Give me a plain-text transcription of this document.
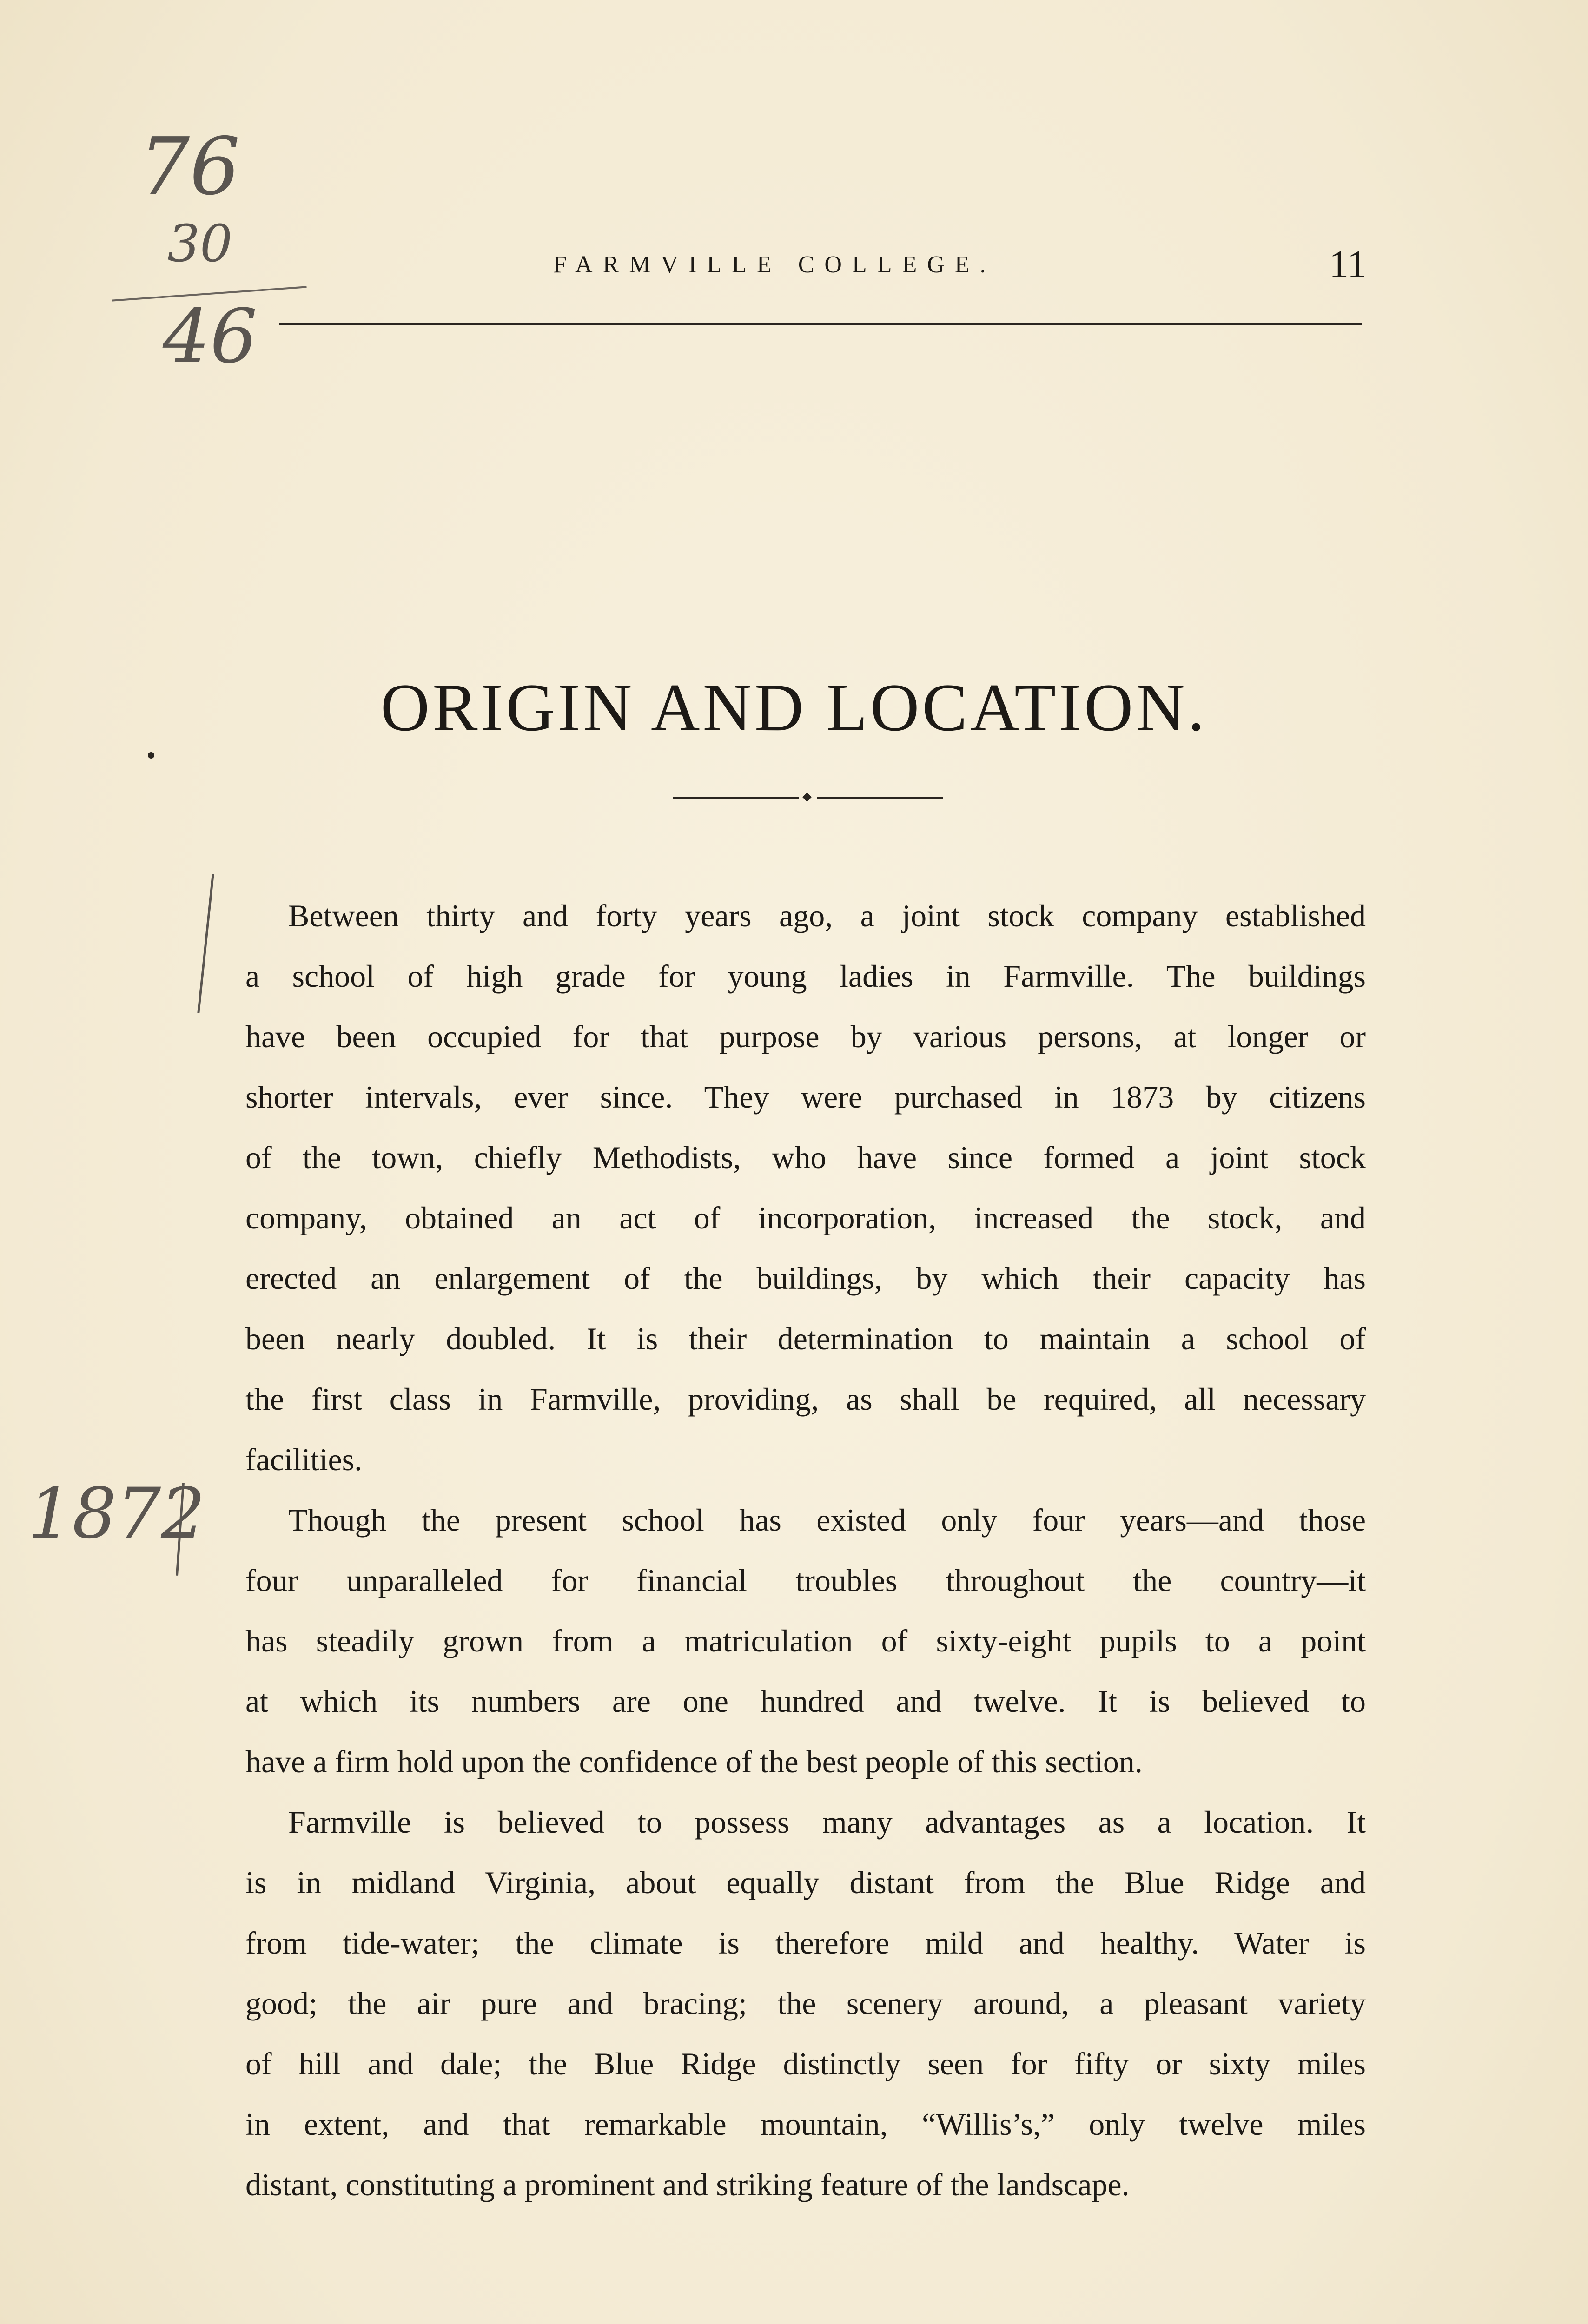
76
30
46
FARMVILLE COLLEGE.	11
ORIGIN AND LOCATION.
1872
Between thirty and forty years ago, a joint stock company established
a school of high grade for young ladies in Farmville. The buildings
have been occupied for that purpose by various persons, at longer or
shorter intervals, ever since. They were purchased in 1873 by citizens
of the town, chiefly Methodists, who have since formed a joint stock
company, obtained an act of incorporation, increased the stock, and
erected an enlargement of the buildings, by which their capacity has
been nearly doubled. It is their determination to maintain a school of
the first class in Farmville, providing, as shall be required, all necessary
facilities.
Though the present school has existed only four years—and those
four unparalleled for financial troubles throughout the country—it
has steadily grown from a matriculation of sixty-eight pupils to a point
at which its numbers are one hundred and twelve. It is believed to
have a firm hold upon the confidence of the best people of this section.
Farmville is believed to possess many advantages as a location. It
is in midland Virginia, about equally distant from the Blue Ridge and
from tide-water; the climate is therefore mild and healthy. Water is
good; the air pure and bracing; the scenery around, a pleasant variety
of hill and dale; the Blue Ridge distinctly seen for fifty or sixty miles
in extent, and that remarkable mountain, “Willis’s,” only twelve miles
distant, constituting a prominent and striking feature of the landscape.
